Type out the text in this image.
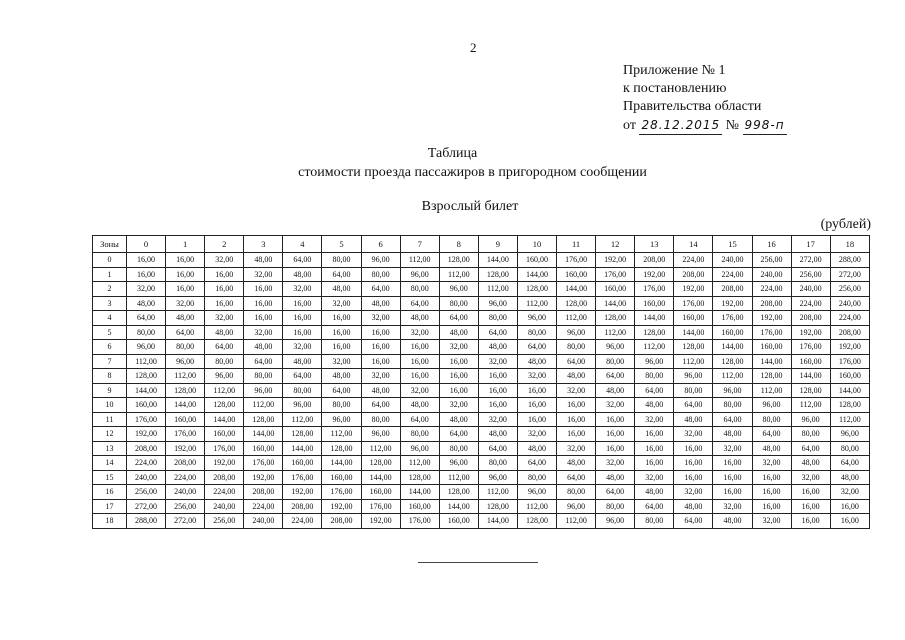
2
Приложение № 1
к постановлению
Правительства области
от 28.12.2015 № 998-п
Таблица
стоимости проезда пассажиров в пригородном сообщении
Взрослый билет
(рублей)
Зоны	0	1	2	3	4	5	6	7	8	9	10	11	12	13	14	15	16	17	18
0	16,00	16,00	32,00	48,00	64,00	80,00	96,00	112,00	128,00	144,00	160,00	176,00	192,00	208,00	224,00	240,00	256,00	272,00	288,00
1	16,00	16,00	16,00	32,00	48,00	64,00	80,00	96,00	112,00	128,00	144,00	160,00	176,00	192,00	208,00	224,00	240,00	256,00	272,00
2	32,00	16,00	16,00	16,00	32,00	48,00	64,00	80,00	96,00	112,00	128,00	144,00	160,00	176,00	192,00	208,00	224,00	240,00	256,00
3	48,00	32,00	16,00	16,00	16,00	32,00	48,00	64,00	80,00	96,00	112,00	128,00	144,00	160,00	176,00	192,00	208,00	224,00	240,00
4	64,00	48,00	32,00	16,00	16,00	16,00	32,00	48,00	64,00	80,00	96,00	112,00	128,00	144,00	160,00	176,00	192,00	208,00	224,00
5	80,00	64,00	48,00	32,00	16,00	16,00	16,00	32,00	48,00	64,00	80,00	96,00	112,00	128,00	144,00	160,00	176,00	192,00	208,00
6	96,00	80,00	64,00	48,00	32,00	16,00	16,00	16,00	32,00	48,00	64,00	80,00	96,00	112,00	128,00	144,00	160,00	176,00	192,00
7	112,00	96,00	80,00	64,00	48,00	32,00	16,00	16,00	16,00	32,00	48,00	64,00	80,00	96,00	112,00	128,00	144,00	160,00	176,00
8	128,00	112,00	96,00	80,00	64,00	48,00	32,00	16,00	16,00	16,00	32,00	48,00	64,00	80,00	96,00	112,00	128,00	144,00	160,00
9	144,00	128,00	112,00	96,00	80,00	64,00	48,00	32,00	16,00	16,00	16,00	32,00	48,00	64,00	80,00	96,00	112,00	128,00	144,00
10	160,00	144,00	128,00	112,00	96,00	80,00	64,00	48,00	32,00	16,00	16,00	16,00	32,00	48,00	64,00	80,00	96,00	112,00	128,00
11	176,00	160,00	144,00	128,00	112,00	96,00	80,00	64,00	48,00	32,00	16,00	16,00	16,00	32,00	48,00	64,00	80,00	96,00	112,00
12	192,00	176,00	160,00	144,00	128,00	112,00	96,00	80,00	64,00	48,00	32,00	16,00	16,00	16,00	32,00	48,00	64,00	80,00	96,00
13	208,00	192,00	176,00	160,00	144,00	128,00	112,00	96,00	80,00	64,00	48,00	32,00	16,00	16,00	16,00	32,00	48,00	64,00	80,00
14	224,00	208,00	192,00	176,00	160,00	144,00	128,00	112,00	96,00	80,00	64,00	48,00	32,00	16,00	16,00	16,00	32,00	48,00	64,00
15	240,00	224,00	208,00	192,00	176,00	160,00	144,00	128,00	112,00	96,00	80,00	64,00	48,00	32,00	16,00	16,00	16,00	32,00	48,00
16	256,00	240,00	224,00	208,00	192,00	176,00	160,00	144,00	128,00	112,00	96,00	80,00	64,00	48,00	32,00	16,00	16,00	16,00	32,00
17	272,00	256,00	240,00	224,00	208,00	192,00	176,00	160,00	144,00	128,00	112,00	96,00	80,00	64,00	48,00	32,00	16,00	16,00	16,00
18	288,00	272,00	256,00	240,00	224,00	208,00	192,00	176,00	160,00	144,00	128,00	112,00	96,00	80,00	64,00	48,00	32,00	16,00	16,00
